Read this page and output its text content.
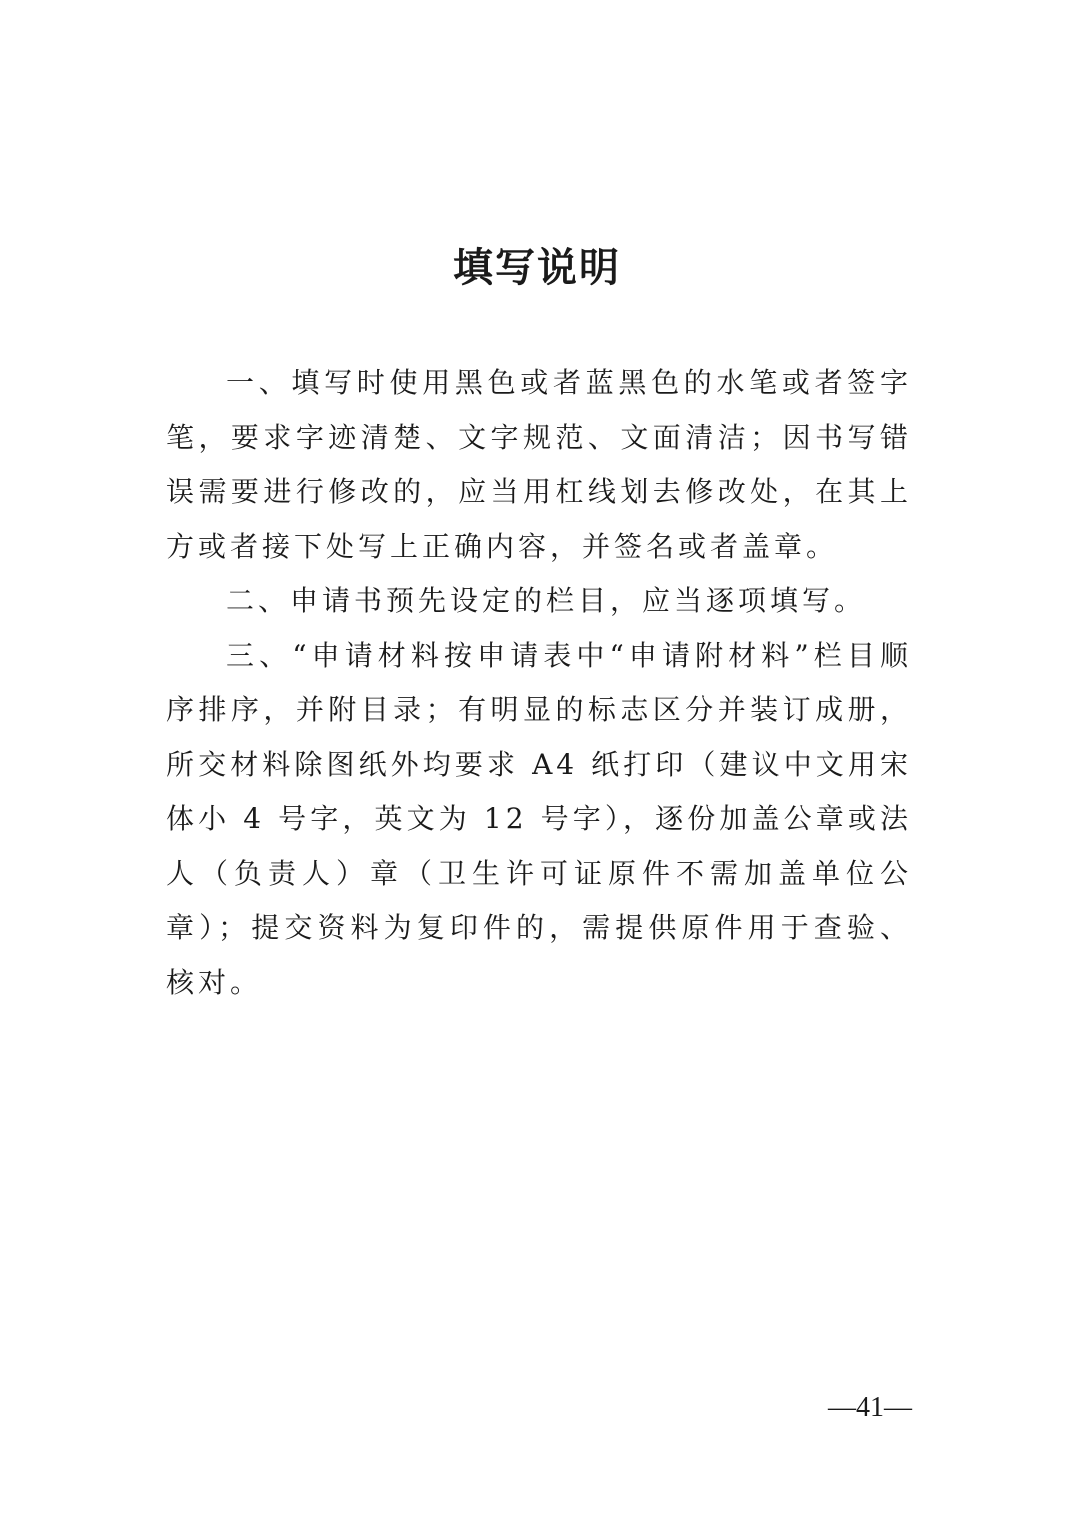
填写说明

一、填写时使用黑色或者蓝黑色的水笔或者签字笔，要求字迹清楚、文字规范、文面清洁；因书写错误需要进行修改的，应当用杠线划去修改处，在其上方或者接下处写上正确内容，并签名或者盖章。

二、申请书预先设定的栏目，应当逐项填写。

三、“申请材料按申请表中“申请附材料”栏目顺序排序，并附目录；有明显的标志区分并装订成册，所交材料除图纸外均要求 A4 纸打印（建议中文用宋体小 4 号字，英文为 12 号字），逐份加盖公章或法人（负责人）章（卫生许可证原件不需加盖单位公章）；提交资料为复印件的，需提供原件用于查验、核对。

—41—
